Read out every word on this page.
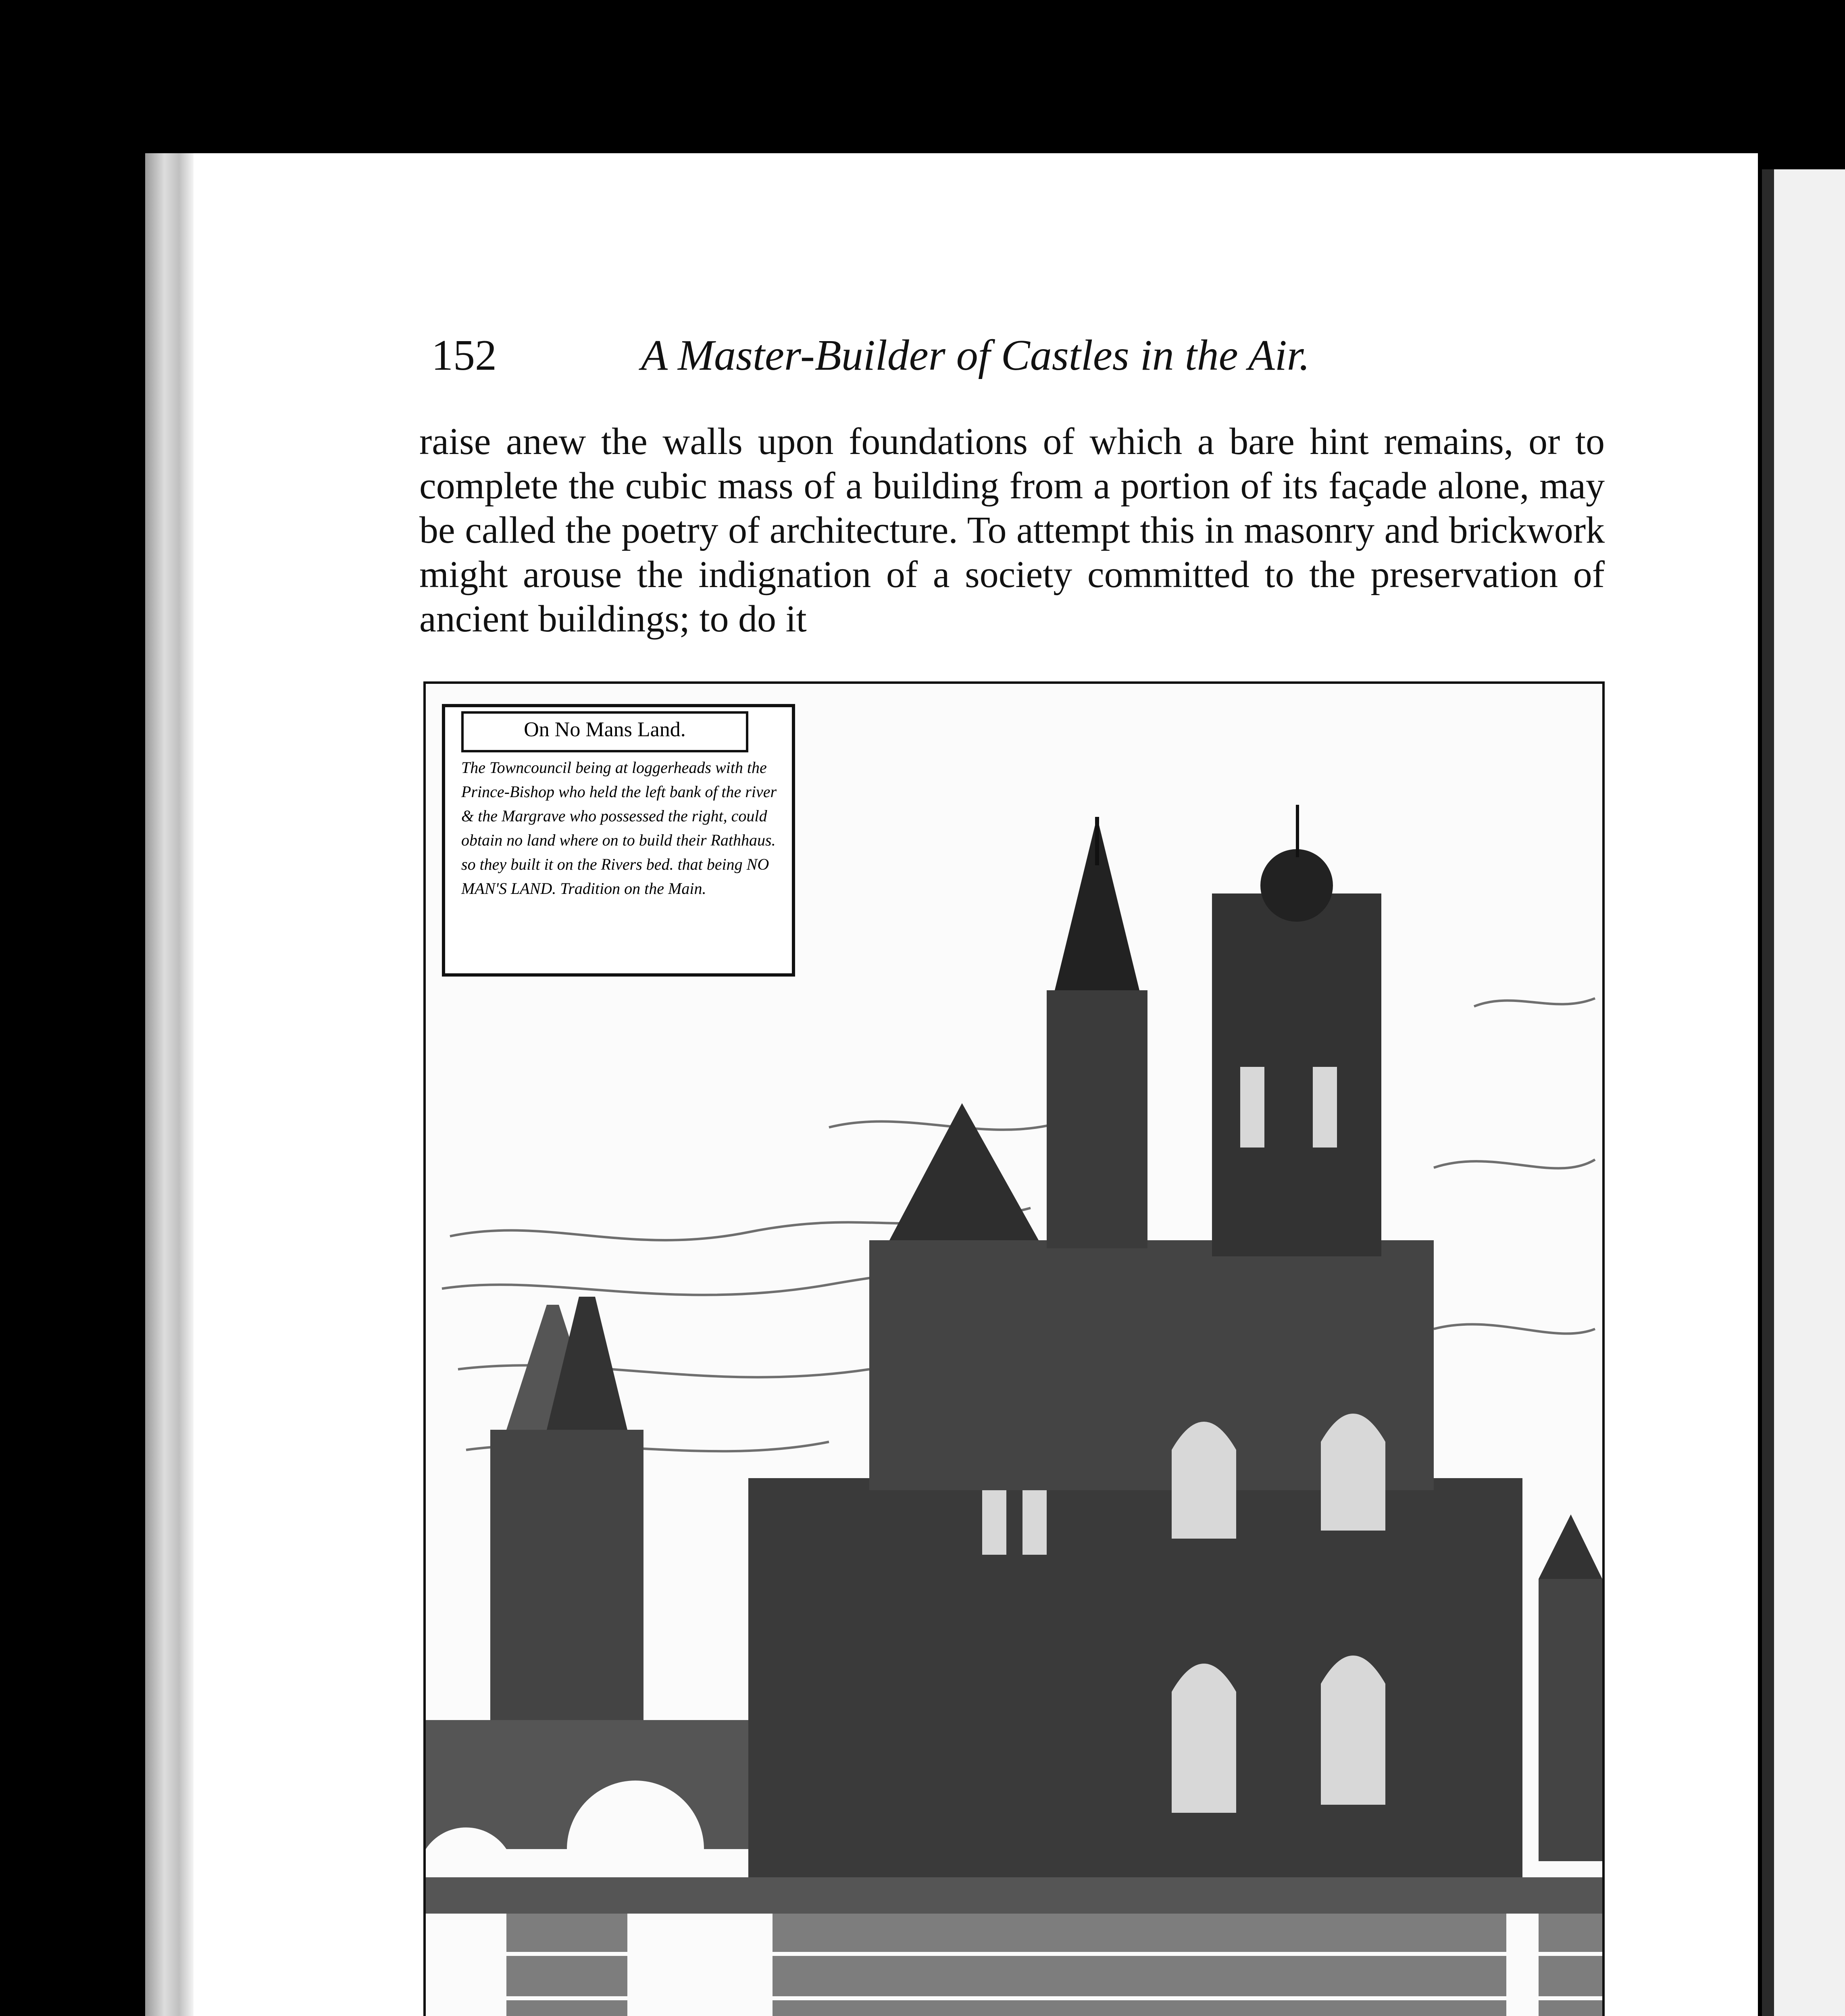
152	A Master-Builder of Castles in the Air.
raise anew the walls upon foundations of which a bare hint remains, or to complete the cubic mass of a building from a portion of its façade alone, may be called the poetry of architecture. To attempt this in masonry and brickwork might arouse the indignation of a society committed to the preservation of ancient buildings; to do it
On No Mans Land.
The Towncouncil being at loggerheads with the Prince-Bishop who held the left bank of the river & the Margrave who possessed the right, could obtain no land where on to build their Rathhaus. so they built it on the Rivers bed. that being NO MAN'S LAND. Tradition on the Main.
